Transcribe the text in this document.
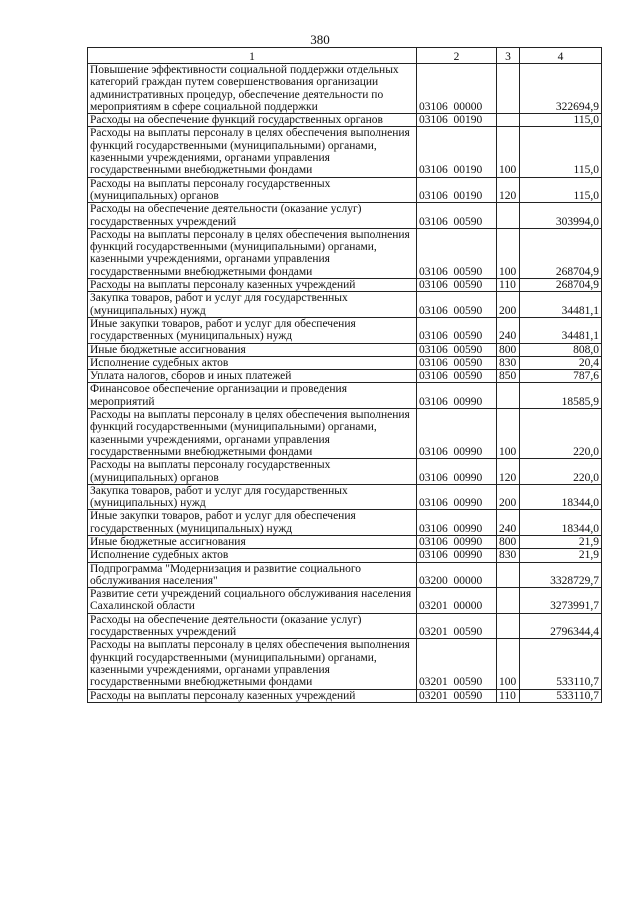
380
1	2	3	4
Повышение эффективности социальной поддержки отдельных категорий граждан путем совершенствования организации административных процедур, обеспечение деятельности по мероприятиям в сфере социальной поддержки	03106  00000		322694,9
Расходы на обеспечение функций государственных органов	03106  00190		115,0
Расходы на выплаты персоналу в целях обеспечения выполнения функций государственными (муниципальными) органами, казенными учреждениями, органами управления государственными внебюджетными фондами	03106  00190	100	115,0
Расходы на выплаты персоналу государственных (муниципальных) органов	03106  00190	120	115,0
Расходы на обеспечение деятельности (оказание услуг) государственных учреждений	03106  00590		303994,0
Расходы на выплаты персоналу в целях обеспечения выполнения функций государственными (муниципальными) органами, казенными учреждениями, органами управления государственными внебюджетными фондами	03106  00590	100	268704,9
Расходы на выплаты персоналу казенных учреждений	03106  00590	110	268704,9
Закупка товаров, работ и услуг для государственных (муниципальных) нужд	03106  00590	200	34481,1
Иные закупки товаров, работ и услуг для обеспечения государственных (муниципальных) нужд	03106  00590	240	34481,1
Иные бюджетные ассигнования	03106  00590	800	808,0
Исполнение судебных актов	03106  00590	830	20,4
Уплата налогов, сборов и иных платежей	03106  00590	850	787,6
Финансовое обеспечение организации и проведения мероприятий	03106  00990		18585,9
Расходы на выплаты персоналу в целях обеспечения выполнения функций государственными (муниципальными) органами, казенными учреждениями, органами управления государственными внебюджетными фондами	03106  00990	100	220,0
Расходы на выплаты персоналу государственных (муниципальных) органов	03106  00990	120	220,0
Закупка товаров, работ и услуг для государственных (муниципальных) нужд	03106  00990	200	18344,0
Иные закупки товаров, работ и услуг для обеспечения государственных (муниципальных) нужд	03106  00990	240	18344,0
Иные бюджетные ассигнования	03106  00990	800	21,9
Исполнение судебных актов	03106  00990	830	21,9
Подпрограмма "Модернизация и развитие социального обслуживания населения"	03200  00000		3328729,7
Развитие сети учреждений социального обслуживания населения Сахалинской области	03201  00000		3273991,7
Расходы на обеспечение деятельности (оказание услуг) государственных учреждений	03201  00590		2796344,4
Расходы на выплаты персоналу в целях обеспечения выполнения функций государственными (муниципальными) органами, казенными учреждениями, органами управления государственными внебюджетными фондами	03201  00590	100	533110,7
Расходы на выплаты персоналу казенных учреждений	03201  00590	110	533110,7
